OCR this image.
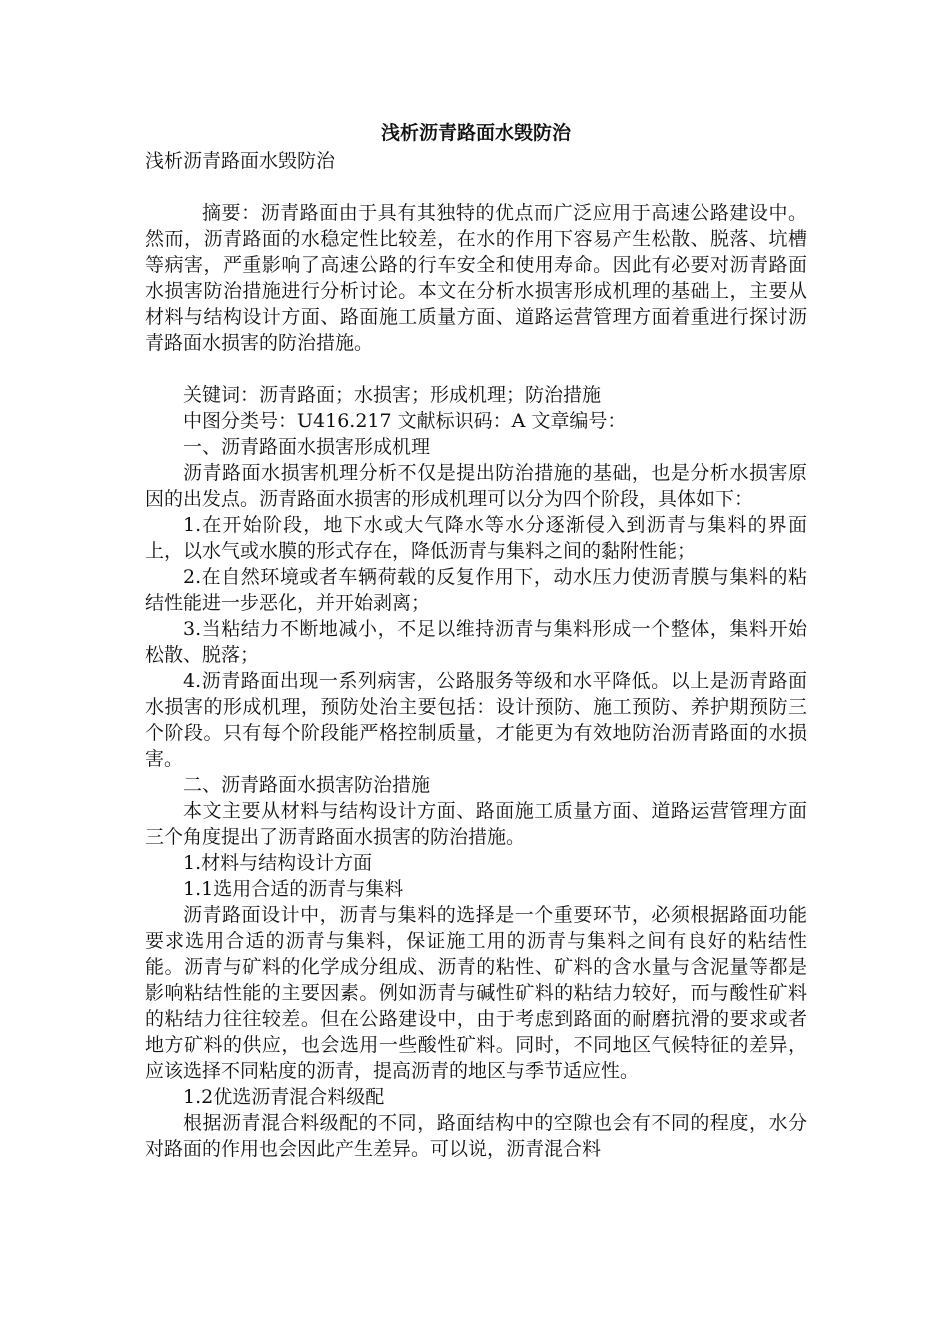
浅析沥青路面水毁防治

浅析沥青路面水毁防治

摘要：沥青路面由于具有其独特的优点而广泛应用于高速公路建设中。然而，沥青路面的水稳定性比较差，在水的作用下容易产生松散、脱落、坑槽等病害，严重影响了高速公路的行车安全和使用寿命。因此有必要对沥青路面水损害防治措施进行分析讨论。本文在分析水损害形成机理的基础上，主要从材料与结构设计方面、路面施工质量方面、道路运营管理方面着重进行探讨沥青路面水损害的防治措施。

关键词：沥青路面；水损害；形成机理；防治措施

中图分类号：U416.217 文献标识码：A 文章编号：

一、沥青路面水损害形成机理

沥青路面水损害机理分析不仅是提出防治措施的基础，也是分析水损害原因的出发点。沥青路面水损害的形成机理可以分为四个阶段，具体如下：

1.在开始阶段，地下水或大气降水等水分逐渐侵入到沥青与集料的界面上，以水气或水膜的形式存在，降低沥青与集料之间的黏附性能；

2.在自然环境或者车辆荷载的反复作用下，动水压力使沥青膜与集料的粘结性能进一步恶化，并开始剥离；

3.当粘结力不断地减小，不足以维持沥青与集料形成一个整体，集料开始松散、脱落；

4.沥青路面出现一系列病害，公路服务等级和水平降低。以上是沥青路面水损害的形成机理，预防处治主要包括：设计预防、施工预防、养护期预防三个阶段。只有每个阶段能严格控制质量，才能更为有效地防治沥青路面的水损害。

二、沥青路面水损害防治措施

本文主要从材料与结构设计方面、路面施工质量方面、道路运营管理方面三个角度提出了沥青路面水损害的防治措施。

1.材料与结构设计方面

1.1选用合适的沥青与集料

沥青路面设计中，沥青与集料的选择是一个重要环节，必须根据路面功能要求选用合适的沥青与集料，保证施工用的沥青与集料之间有良好的粘结性能。沥青与矿料的化学成分组成、沥青的粘性、矿料的含水量与含泥量等都是影响粘结性能的主要因素。例如沥青与碱性矿料的粘结力较好，而与酸性矿料的粘结力往往较差。但在公路建设中，由于考虑到路面的耐磨抗滑的要求或者地方矿料的供应，也会选用一些酸性矿料。同时，不同地区气候特征的差异，应该选择不同粘度的沥青，提高沥青的地区与季节适应性。

1.2优选沥青混合料级配

根据沥青混合料级配的不同，路面结构中的空隙也会有不同的程度，水分对路面的作用也会因此产生差异。可以说，沥青混合料
